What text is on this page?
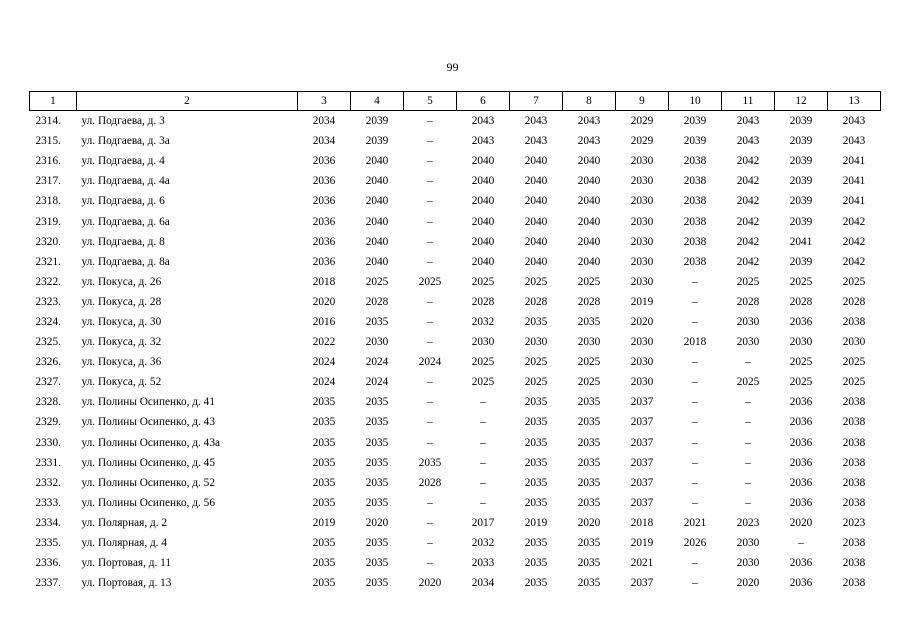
99
1	2	3	4	5	6	7	8	9	10	11	12	13
2314.	ул. Подгаева, д. 3	2034	2039	–	2043	2043	2043	2029	2039	2043	2039	2043
2315.	ул. Подгаева, д. 3а	2034	2039	–	2043	2043	2043	2029	2039	2043	2039	2043
2316.	ул. Подгаева, д. 4	2036	2040	–	2040	2040	2040	2030	2038	2042	2039	2041
2317.	ул. Подгаева, д. 4а	2036	2040	–	2040	2040	2040	2030	2038	2042	2039	2041
2318.	ул. Подгаева, д. 6	2036	2040	–	2040	2040	2040	2030	2038	2042	2039	2041
2319.	ул. Подгаева, д. 6а	2036	2040	–	2040	2040	2040	2030	2038	2042	2039	2042
2320.	ул. Подгаева, д. 8	2036	2040	–	2040	2040	2040	2030	2038	2042	2041	2042
2321.	ул. Подгаева, д. 8а	2036	2040	–	2040	2040	2040	2030	2038	2042	2039	2042
2322.	ул. Покуса, д. 26	2018	2025	2025	2025	2025	2025	2030	–	2025	2025	2025
2323.	ул. Покуса, д. 28	2020	2028	–	2028	2028	2028	2019	–	2028	2028	2028
2324.	ул. Покуса, д. 30	2016	2035	–	2032	2035	2035	2020	–	2030	2036	2038
2325.	ул. Покуса, д. 32	2022	2030	–	2030	2030	2030	2030	2018	2030	2030	2030
2326.	ул. Покуса, д. 36	2024	2024	2024	2025	2025	2025	2030	–	–	2025	2025
2327.	ул. Покуса, д. 52	2024	2024	–	2025	2025	2025	2030	–	2025	2025	2025
2328.	ул. Полины Осипенко, д. 41	2035	2035	–	–	2035	2035	2037	–	–	2036	2038
2329.	ул. Полины Осипенко, д. 43	2035	2035	–	–	2035	2035	2037	–	–	2036	2038
2330.	ул. Полины Осипенко, д. 43а	2035	2035	–	–	2035	2035	2037	–	–	2036	2038
2331.	ул. Полины Осипенко, д. 45	2035	2035	2035	–	2035	2035	2037	–	–	2036	2038
2332.	ул. Полины Осипенко, д. 52	2035	2035	2028	–	2035	2035	2037	–	–	2036	2038
2333.	ул. Полины Осипенко, д. 56	2035	2035	–	–	2035	2035	2037	–	–	2036	2038
2334.	ул. Полярная, д. 2	2019	2020	–	2017	2019	2020	2018	2021	2023	2020	2023
2335.	ул. Полярная, д. 4	2035	2035	–	2032	2035	2035	2019	2026	2030	–	2038
2336.	ул. Портовая, д. 11	2035	2035	–	2033	2035	2035	2021	–	2030	2036	2038
2337.	ул. Портовая, д. 13	2035	2035	2020	2034	2035	2035	2037	–	2020	2036	2038
